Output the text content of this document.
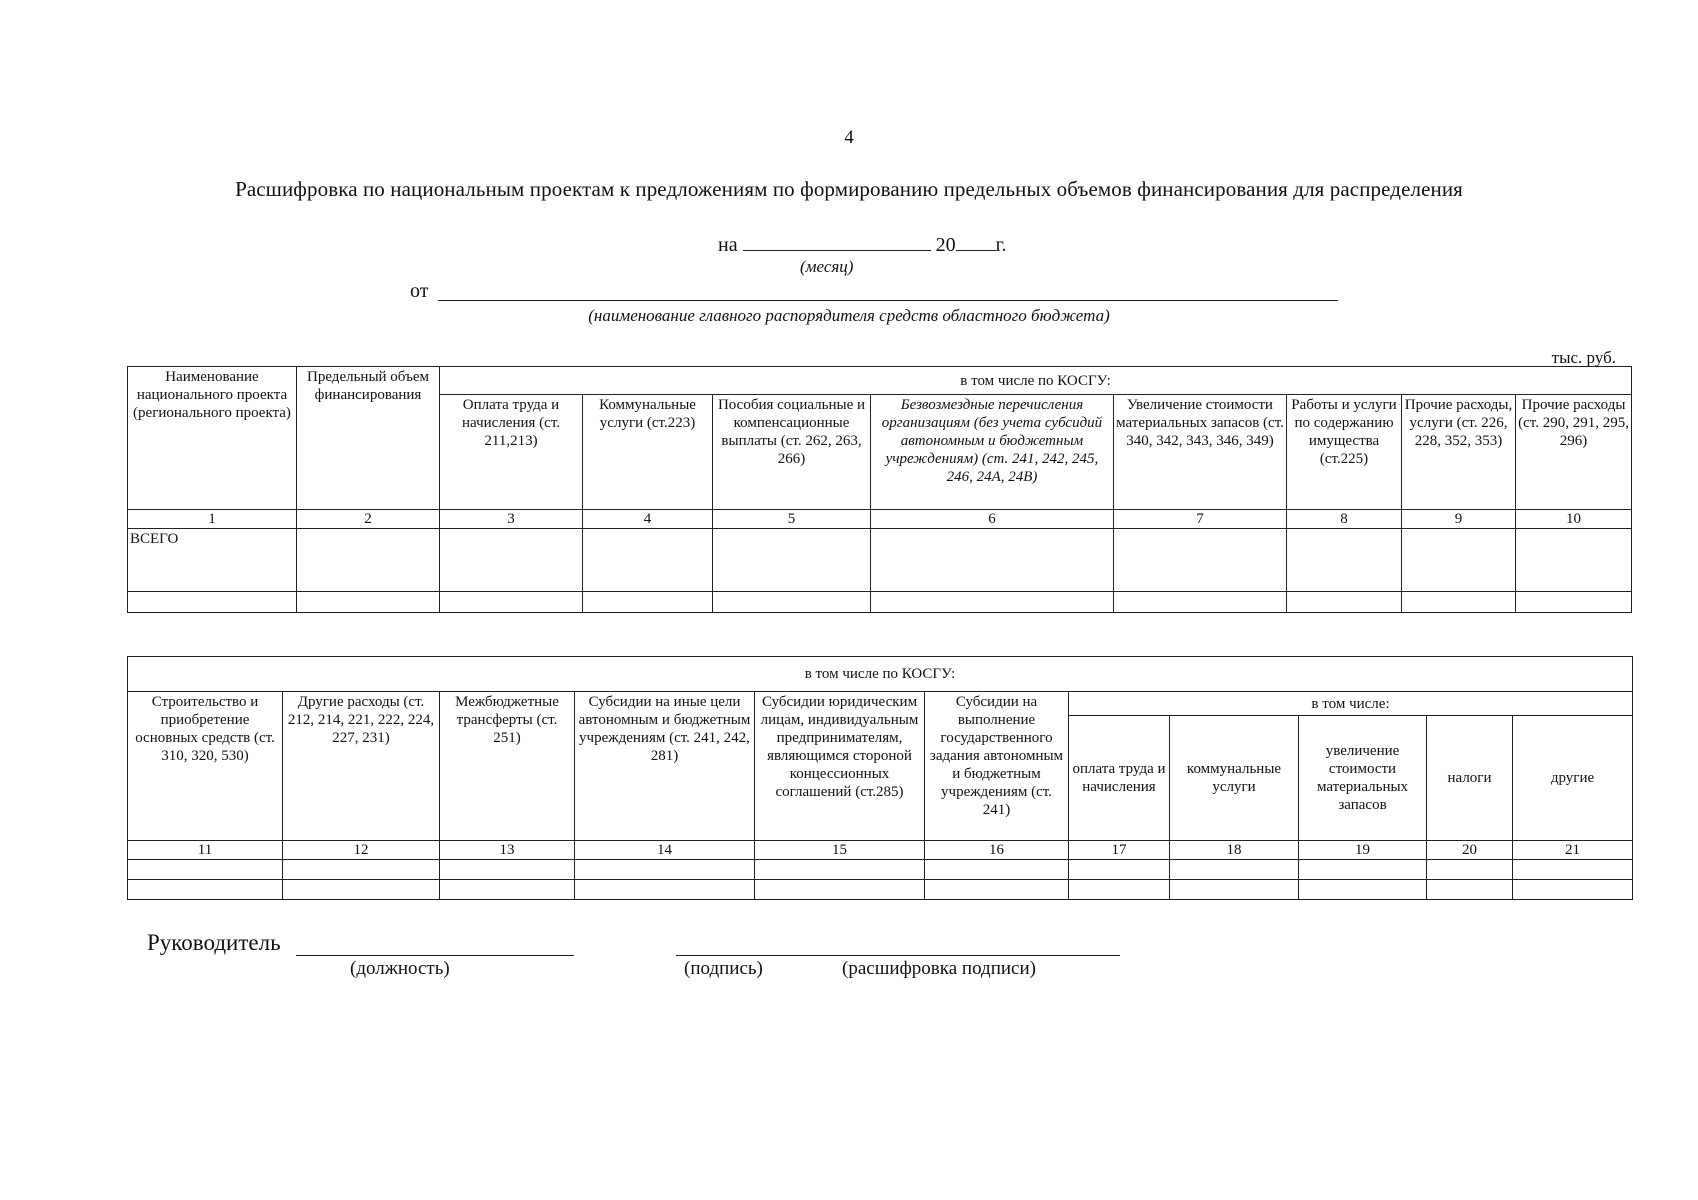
4
Расшифровка по национальным проектам к предложениям по формированию предельных объемов финансирования для распределения
на	20 г.
(месяц)
от
(наименование главного распорядителя средств областного бюджета)
тыс. руб.
Наименование национального проекта (регионального проекта)	Предельный объем финансирования	в том числе по КОСГУ:							
		Оплата труда и начисления (ст. 211,213)	Коммунальные услуги (ст.223)	Пособия социальные и компенсационные выплаты (ст. 262, 263, 266)	Безвозмездные перечисления организациям (без учета субсидий автономным и бюджетным учреждениям) (ст. 241, 242, 245, 246, 24А, 24В)	Увеличение стоимости материальных запасов (ст. 340, 342, 343, 346, 349)	Работы и услуги по содержанию имущества (ст.225)	Прочие расходы, услуги (ст. 226, 228, 352, 353)	Прочие расходы (ст. 290, 291, 295, 296)
1	2	3	4	5	6	7	8	9	10
ВСЕГО									

в том числе по КОСГУ:										
Строительство и приобретение основных средств (ст. 310, 320, 530)	Другие расходы (ст. 212, 214, 221, 222, 224, 227, 231)	Межбюджетные трансферты (ст. 251)	Субсидии на иные цели автономным и бюджетным учреждениям (ст. 241, 242, 281)	Субсидии юридическим лицам, индивидуальным предпринимателям, являющимся стороной концессионных соглашений (ст.285)	Субсидии на выполнение государственного задания автономным и бюджетным учреждениям (ст. 241)	в том числе:				
						оплата труда и начисления	коммунальные услуги	увеличение стоимости материальных запасов	налоги	другие
11	12	13	14	15	16	17	18	19	20	21

Руководитель
(должность)	(подпись)	(расшифровка подписи)
